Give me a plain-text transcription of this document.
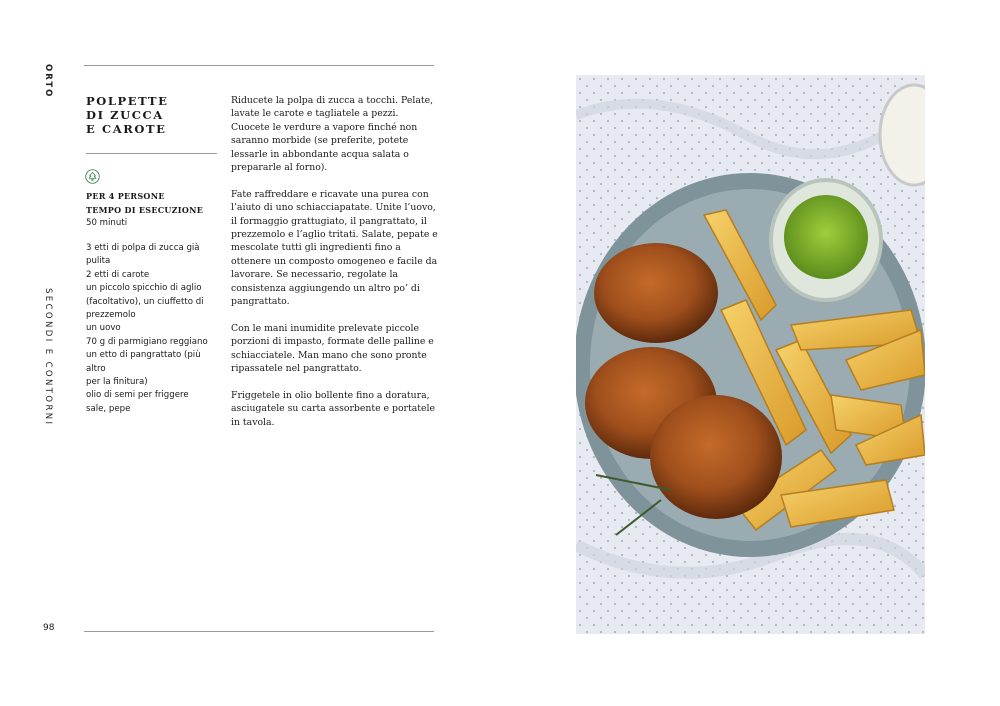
ORTO
SECONDI E CONTORNI
POLPETTE
DI ZUCCA
E CAROTE
PER 4 PERSONE
TEMPO DI ESECUZIONE
50 minuti
3 etti di polpa di zucca già pulita
2 etti di carote
un piccolo spicchio di aglio
(facoltativo), un ciuffetto di
prezzemolo
un uovo
70 g di parmigiano reggiano
un etto di pangrattato (più altro
per la finitura)
olio di semi per friggere
sale, pepe

Riducete la polpa di zucca a tocchi. Pelate, lavate le carote e tagliatele a pezzi. Cuocete le verdure a vapore finché non saranno morbide (se preferite, potete lessarle in abbondante acqua salata o prepararle al forno).

Fate raffreddare e ricavate una purea con l’aiuto di uno schiacciapatate. Unite l’uovo, il formaggio grattugiato, il pangrattato, il prezzemolo e l’aglio tritati. Salate, pepate e mescolate tutti gli ingredienti fino a ottenere un composto omogeneo e facile da lavorare. Se necessario, regolate la consistenza aggiungendo un altro po’ di pangrattato.

Con le mani inumidite prelevate piccole porzioni di impasto, formate delle palline e schiacciatele. Man mano che sono pronte ripassatele nel pangrattato.

Friggetele in olio bollente fino a doratura, asciugatele su carta assorbente e portatele in tavola.

98
